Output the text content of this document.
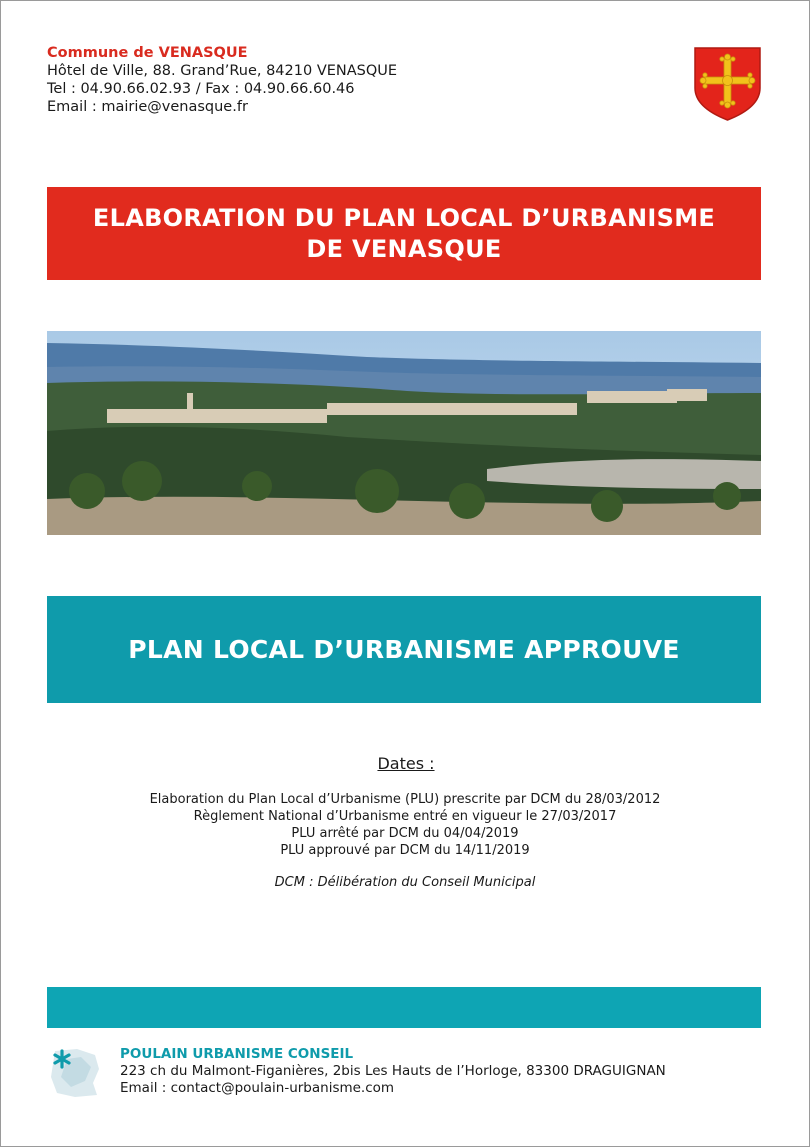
Commune de VENASQUE
Hôtel de Ville, 88. Grand’Rue, 84210 VENASQUE
Tel : 04.90.66.02.93 / Fax : 04.90.66.60.46
Email : mairie@venasque.fr
ELABORATION DU PLAN LOCAL D’URBANISME
DE VENASQUE
PLAN LOCAL D’URBANISME APPROUVE
Dates :
Elaboration du Plan Local d’Urbanisme (PLU) prescrite par DCM du 28/03/2012
Règlement National d’Urbanisme entré en vigueur le 27/03/2017
PLU arrêté par DCM du 04/04/2019
PLU approuvé par DCM du 14/11/2019
DCM : Délibération du Conseil Municipal
POULAIN URBANISME CONSEIL
223 ch du Malmont-Figanières, 2bis Les Hauts de l’Horloge, 83300 DRAGUIGNAN
Email : contact@poulain-urbanisme.com
